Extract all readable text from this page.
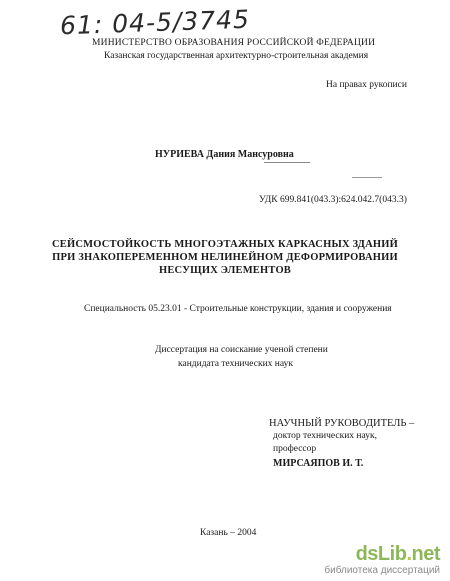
61: 04-5/3745
МИНИСТЕРСТВО ОБРАЗОВАНИЯ РОССИЙСКОЙ ФЕДЕРАЦИИ
Казанская государственная архитектурно-строительная академия
На правах рукописи
НУРИЕВА Дания Мансуровна
УДК 699.841(043.3):624.042.7(043.3)
СЕЙСМОСТОЙКОСТЬ МНОГОЭТАЖНЫХ КАРКАСНЫХ ЗДАНИЙ
ПРИ ЗНАКОПЕРЕМЕННОМ НЕЛИНЕЙНОМ ДЕФОРМИРОВАНИИ
НЕСУЩИХ ЭЛЕМЕНТОВ
Специальность 05.23.01 - Строительные конструкции, здания и сооружения
Диссертация на соискание ученой степени
кандидата технических наук
НАУЧНЫЙ РУКОВОДИТЕЛЬ –
доктор технических наук,
профессор
МИРСАЯПОВ И. Т.
Казань – 2004
dsLib.net
библиотека диссертаций
